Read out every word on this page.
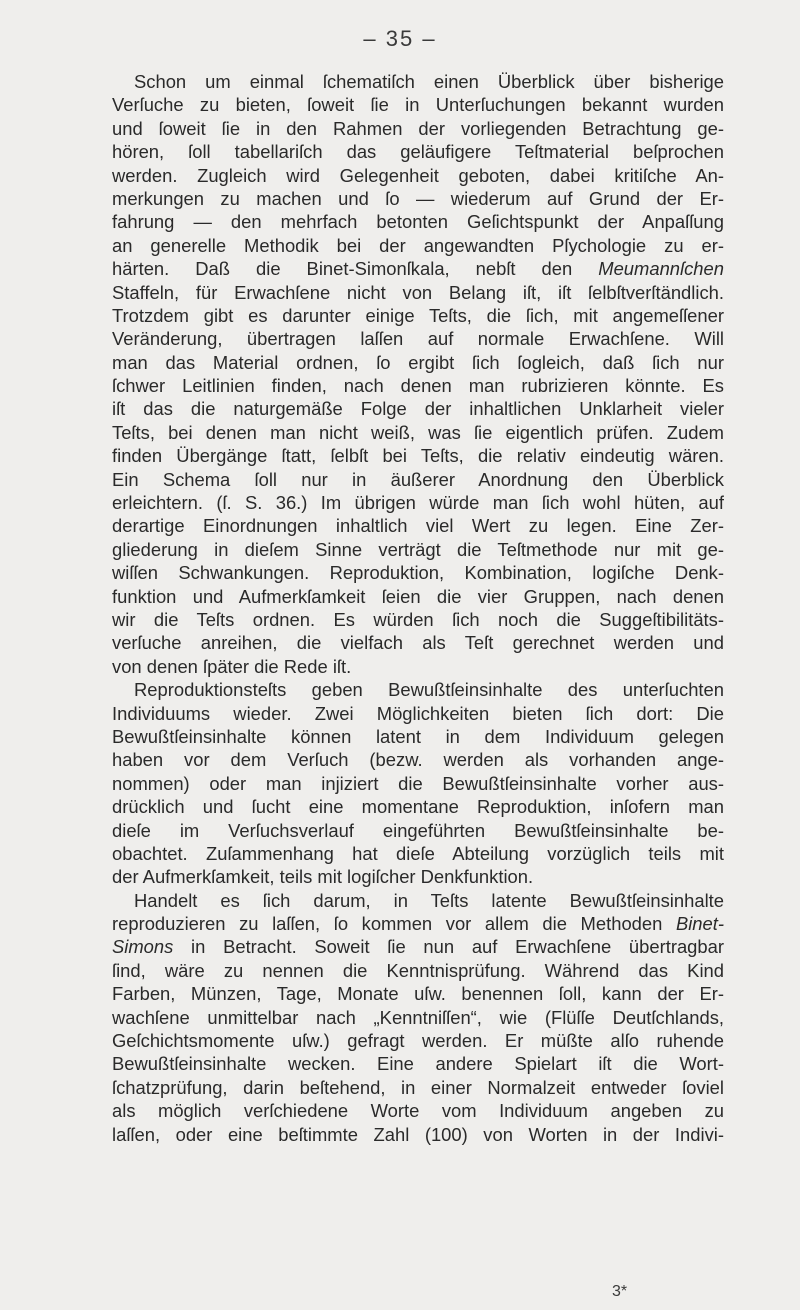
– 35 –
Schon um einmal ſchematiſch einen Überblick über bisherige
Verſuche zu bieten, ſoweit ſie in Unterſuchungen bekannt wurden
und ſoweit ſie in den Rahmen der vorliegenden Betrachtung ge-
hören, ſoll tabellariſch das geläufigere Teſtmaterial beſprochen
werden. Zugleich wird Gelegenheit geboten, dabei kritiſche An-
merkungen zu machen und ſo — wiederum auf Grund der Er-
fahrung — den mehrfach betonten Geſichtspunkt der Anpaſſung
an generelle Methodik bei der angewandten Pſychologie zu er-
härten. Daß die Binet-Simonſkala, nebſt den Meumannſchen
Staffeln, für Erwachſene nicht von Belang iſt, iſt ſelbſtverſtändlich.
Trotzdem gibt es darunter einige Teſts, die ſich, mit angemeſſener
Veränderung, übertragen laſſen auf normale Erwachſene. Will
man das Material ordnen, ſo ergibt ſich ſogleich, daß ſich nur
ſchwer Leitlinien finden, nach denen man rubrizieren könnte. Es
iſt das die naturgemäße Folge der inhaltlichen Unklarheit vieler
Teſts, bei denen man nicht weiß, was ſie eigentlich prüfen. Zudem
finden Übergänge ſtatt, ſelbſt bei Teſts, die relativ eindeutig wären.
Ein Schema ſoll nur in äußerer Anordnung den Überblick
erleichtern. (ſ. S. 36.) Im übrigen würde man ſich wohl hüten, auf
derartige Einordnungen inhaltlich viel Wert zu legen. Eine Zer-
gliederung in dieſem Sinne verträgt die Teſtmethode nur mit ge-
wiſſen Schwankungen. Reproduktion, Kombination, logiſche Denk-
funktion und Aufmerkſamkeit ſeien die vier Gruppen, nach denen
wir die Teſts ordnen. Es würden ſich noch die Suggeſtibilitäts-
verſuche anreihen, die vielfach als Teſt gerechnet werden und
von denen ſpäter die Rede iſt.
Reproduktionsteſts geben Bewußtſeinsinhalte des unterſuchten
Individuums wieder. Zwei Möglichkeiten bieten ſich dort: Die
Bewußtſeinsinhalte können latent in dem Individuum gelegen
haben vor dem Verſuch (bezw. werden als vorhanden ange-
nommen) oder man injiziert die Bewußtſeinsinhalte vorher aus-
drücklich und ſucht eine momentane Reproduktion, inſofern man
dieſe im Verſuchsverlauf eingeführten Bewußtſeinsinhalte be-
obachtet. Zuſammenhang hat dieſe Abteilung vorzüglich teils mit
der Aufmerkſamkeit, teils mit logiſcher Denkfunktion.
Handelt es ſich darum, in Teſts latente Bewußtſeinsinhalte
reproduzieren zu laſſen, ſo kommen vor allem die Methoden Binet-
Simons in Betracht. Soweit ſie nun auf Erwachſene übertragbar
ſind, wäre zu nennen die Kenntnisprüfung. Während das Kind
Farben, Münzen, Tage, Monate uſw. benennen ſoll, kann der Er-
wachſene unmittelbar nach „Kenntniſſen“, wie (Flüſſe Deutſchlands,
Geſchichtsmomente uſw.) gefragt werden. Er müßte alſo ruhende
Bewußtſeinsinhalte wecken. Eine andere Spielart iſt die Wort-
ſchatzprüfung, darin beſtehend, in einer Normalzeit entweder ſoviel
als möglich verſchiedene Worte vom Individuum angeben zu
laſſen, oder eine beſtimmte Zahl (100) von Worten in der Indivi-
3*
